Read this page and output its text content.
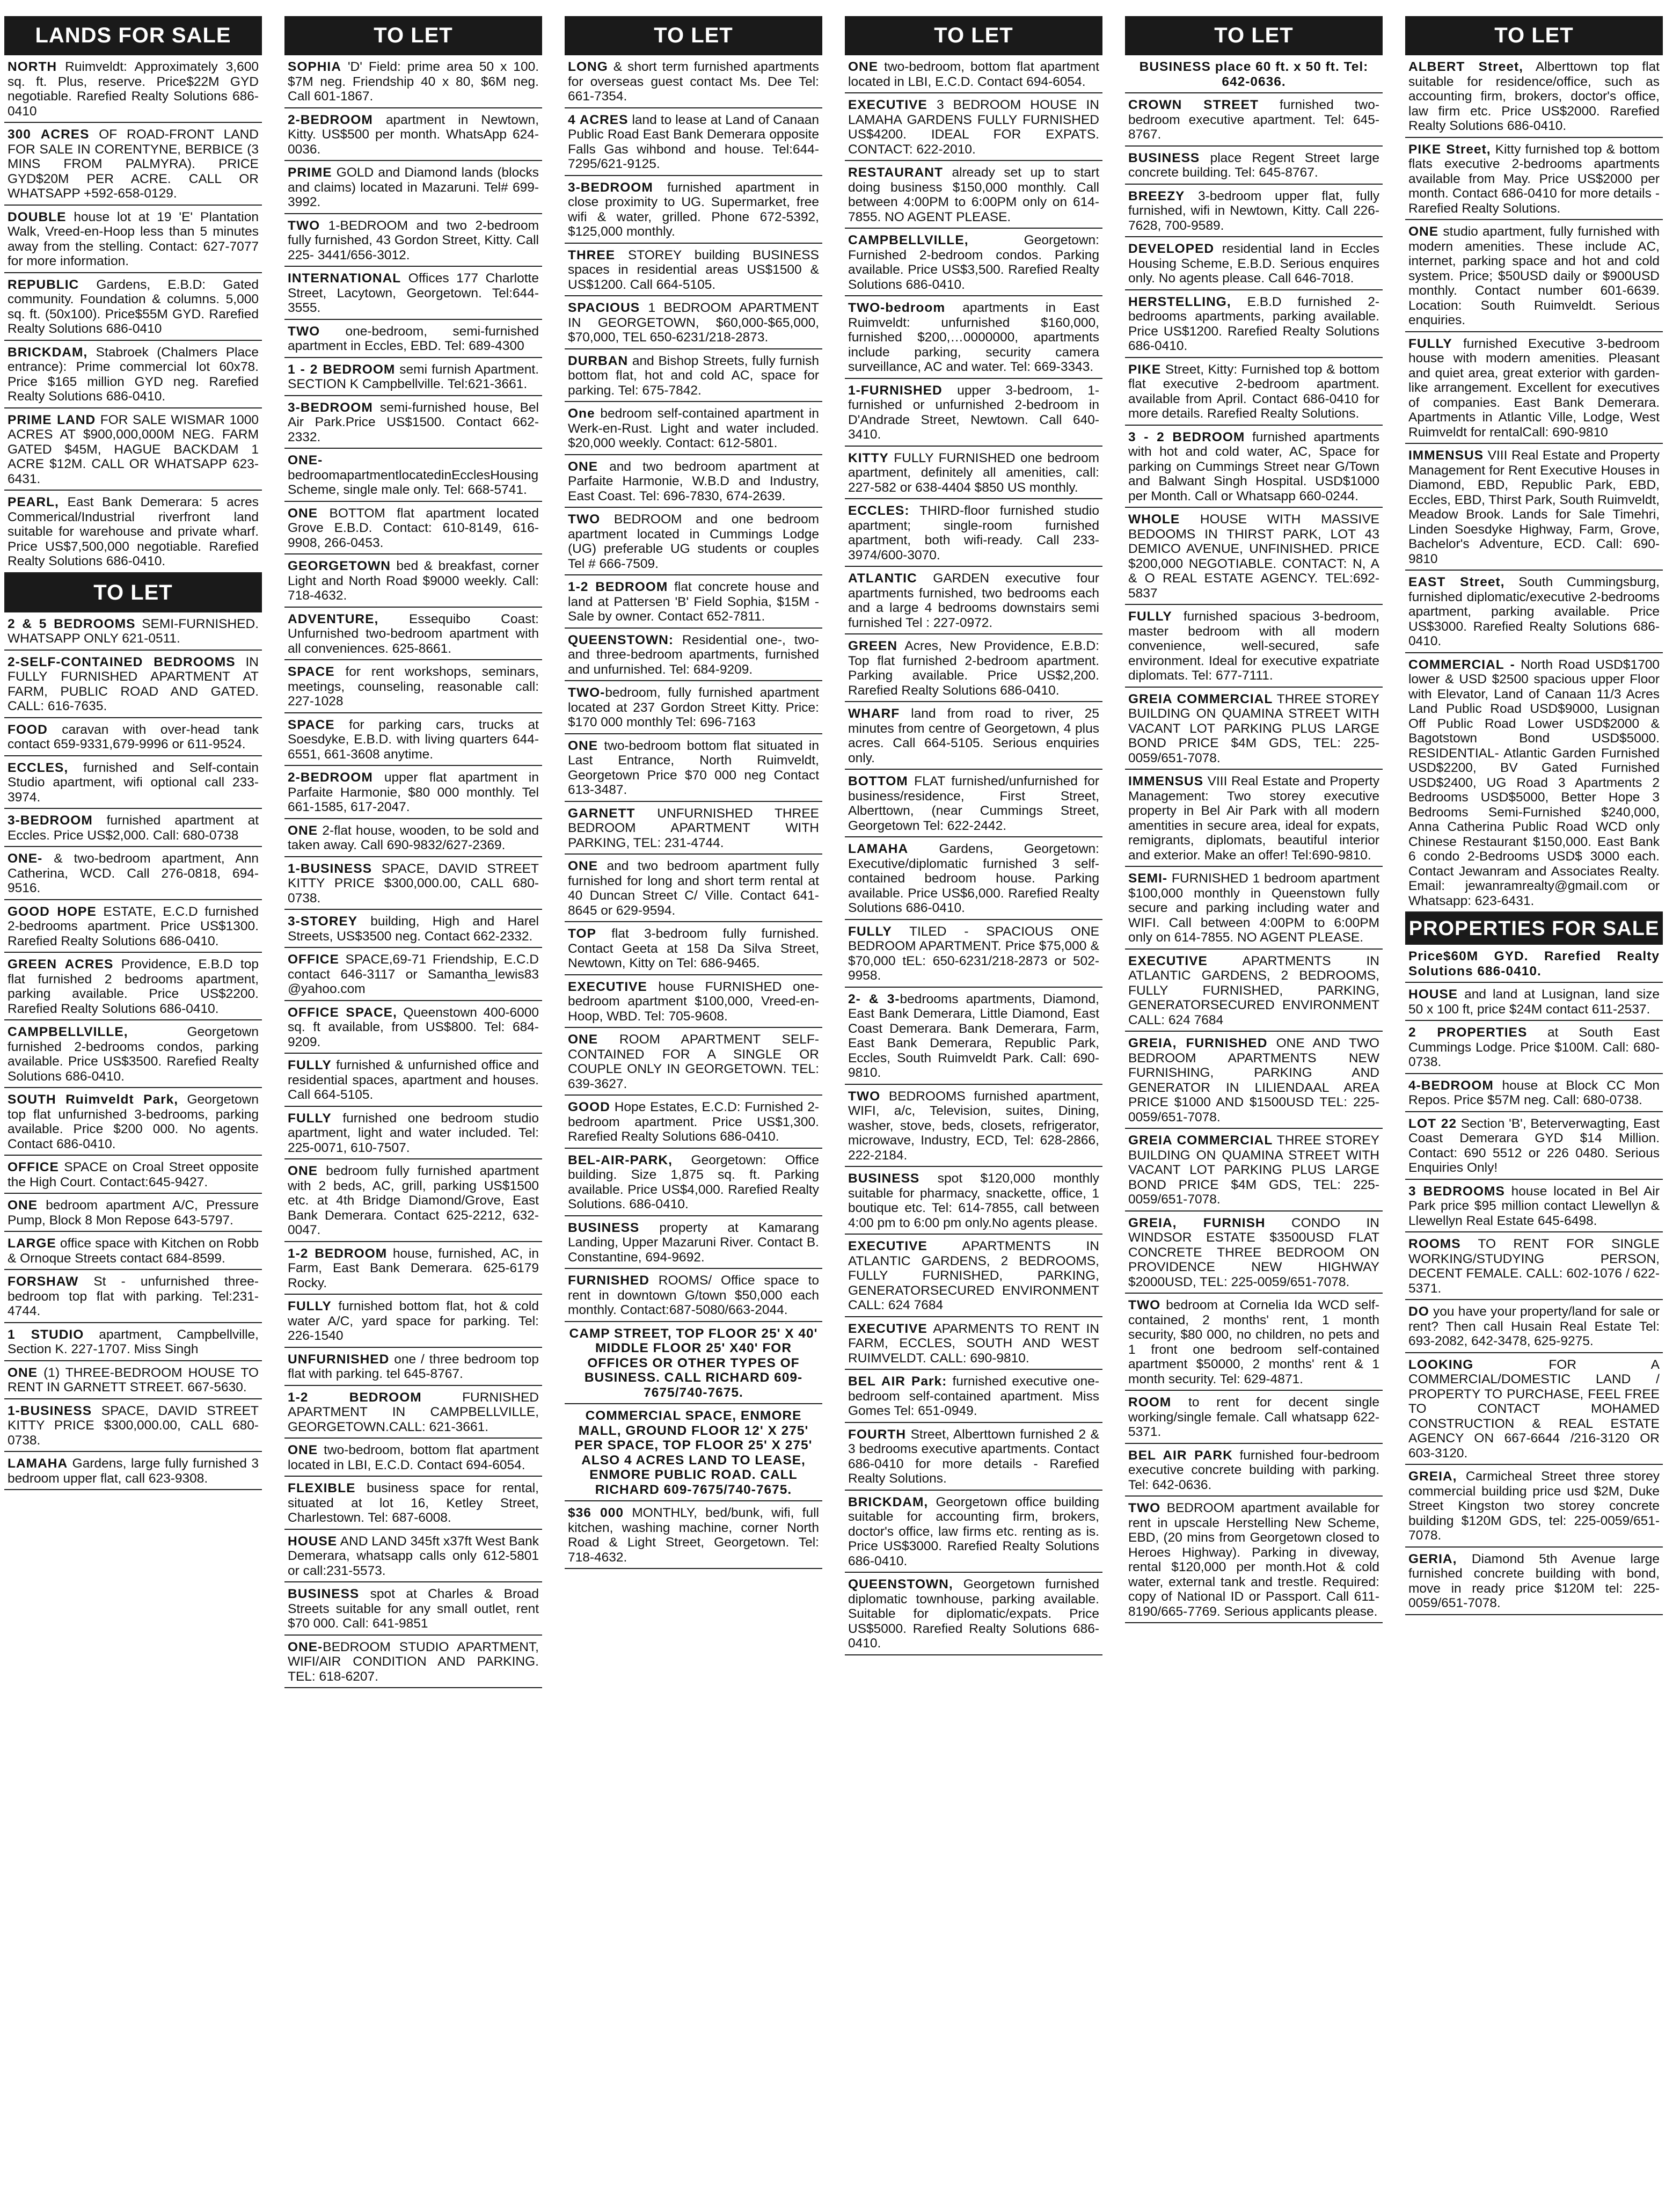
LANDS FOR SALE
NORTH Ruimveldt: Approximately 3,600 sq. ft. Plus, reserve. Price$22M GYD negotiable. Rarefied Realty Solutions 686-0410
300 ACRES OF ROAD-FRONT LAND FOR SALE IN CORENTYNE, BERBICE (3 MINS FROM PALMYRA). PRICE GYD$20M PER ACRE. CALL OR WHATSAPP +592-658-0129.
DOUBLE house lot at 19 'E' Plantation Walk, Vreed-en-Hoop less than 5 minutes away from the stelling. Contact: 627-7077 for more information.
REPUBLIC Gardens, E.B.D: Gated community. Foundation & columns. 5,000 sq. ft. (50x100). Price$55M GYD. Rarefied Realty Solutions 686-0410
BRICKDAM, Stabroek (Chalmers Place entrance): Prime commercial lot 60x78. Price $165 million GYD neg. Rarefied Realty Solutions 686-0410.
PRIME LAND FOR SALE WISMAR 1000 ACRES AT $900,000,000M NEG. FARM GATED $45M, HAGUE BACKDAM 1 ACRE $12M. CALL OR WHATSAPP 623-6431.
PEARL, East Bank Demerara: 5 acres Commerical/Industrial riverfront land suitable for warehouse and private wharf. Price US$7,500,000 negotiable. Rarefied Realty Solutions 686-0410.
TO LET
2 & 5 BEDROOMS SEMI-FURNISHED. WHATSAPP ONLY 621-0511.
2-SELF-CONTAINED BEDROOMS IN FULLY FURNISHED APARTMENT AT FARM, PUBLIC ROAD AND GATED. CALL: 616-7635.
FOOD caravan with over-head tank contact 659-9331,679-9996 or 611-9524.
ECCLES, furnished and Self-contain Studio apartment, wifi optional call 233-3974.
3-BEDROOM furnished apartment at Eccles. Price US$2,000. Call: 680-0738
ONE- & two-bedroom apartment, Ann Catherina, WCD. Call 276-0818, 694-9516.
GOOD HOPE ESTATE, E.C.D furnished 2-bedrooms apartment. Price US$1300. Rarefied Realty Solutions 686-0410.
GREEN ACRES Providence, E.B.D top flat furnished 2 bedrooms apartment, parking available. Price US$2200. Rarefied Realty Solutions 686-0410.
CAMPBELLVILLE, Georgetown furnished 2-bedrooms condos, parking available. Price US$3500. Rarefied Realty Solutions 686-0410.
SOUTH Ruimveldt Park, Georgetown top flat unfurnished 3-bedrooms, parking available. Price $200 000. No agents. Contact 686-0410.
OFFICE SPACE on Croal Street opposite the High Court. Contact:645-9427.
ONE bedroom apartment A/C, Pressure Pump, Block 8 Mon Repose 643-5797.
LARGE office space with Kitchen on Robb & Ornoque Streets contact 684-8599.
FORSHAW St - unfurnished three-bedroom top flat with parking. Tel:231-4744.
1 STUDIO apartment, Campbellville, Section K. 227-1707. Miss Singh
ONE (1) THREE-BEDROOM HOUSE TO RENT IN GARNETT STREET. 667-5630.
1-BUSINESS SPACE, DAVID STREET KITTY PRICE $300,000.00, CALL 680-0738.
LAMAHA Gardens, large fully furnished 3 bedroom upper flat, call 623-9308.
TO LET
SOPHIA 'D' Field: prime area 50 x 100. $7M neg. Friendship 40 x 80, $6M neg. Call 601-1867.
2-BEDROOM apartment in Newtown, Kitty. US$500 per month. WhatsApp 624-0036.
PRIME GOLD and Diamond lands (blocks and claims) located in Mazaruni. Tel# 699-3992.
TWO 1-BEDROOM and two 2-bedroom fully furnished, 43 Gordon Street, Kitty. Call 225- 3441/656-3012.
INTERNATIONAL Offices 177 Charlotte Street, Lacytown, Georgetown. Tel:644-3555.
TWO one-bedroom, semi-furnished apartment in Eccles, EBD. Tel: 689-4300
1 - 2 BEDROOM semi furnish Apartment. SECTION K Campbellville. Tel:621-3661.
3-BEDROOM semi-furnished house, Bel Air Park.Price US$1500. Contact 662-2332.
ONE-bedroomapartmentlocatedinEcclesHousingScheme, single male only. Tel: 668-5741.
ONE BOTTOM flat apartment located Grove E.B.D. Contact: 610-8149, 616-9908, 266-0453.
GEORGETOWN bed & breakfast, corner Light and North Road $9000 weekly. Call: 718-4632.
ADVENTURE, Essequibo Coast: Unfurnished two-bedroom apartment with all conveniences. 625-8661.
SPACE for rent workshops, seminars, meetings, counseling, reasonable call: 227-1028
SPACE for parking cars, trucks at Soesdyke, E.B.D. with living quarters 644-6551, 661-3608 anytime.
2-BEDROOM upper flat apartment in Parfaite Harmonie, $80 000 monthly. Tel 661-1585, 617-2047.
ONE 2-flat house, wooden, to be sold and taken away. Call 690-9832/627-2369.
1-BUSINESS SPACE, DAVID STREET KITTY PRICE $300,000.00, CALL 680-0738.
3-STOREY building, High and Harel Streets, US$3500 neg. Contact 662-2332.
OFFICE SPACE,69-71 Friendship, E.C.D contact 646-3117 or Samantha_lewis83 @yahoo.com
OFFICE SPACE, Queenstown 400-6000 sq. ft available, from US$800. Tel: 684-9209.
FULLY furnished & unfurnished office and residential spaces, apartment and houses. Call 664-5105.
FULLY furnished one bedroom studio apartment, light and water included. Tel: 225-0071, 610-7507.
ONE bedroom fully furnished apartment with 2 beds, AC, grill, parking US$1500 etc. at 4th Bridge Diamond/Grove, East Bank Demerara. Contact 625-2212, 632-0047.
1-2 BEDROOM house, furnished, AC, in Farm, East Bank Demerara. 625-6179 Rocky.
FULLY furnished bottom flat, hot & cold water A/C, yard space for parking. Tel: 226-1540
UNFURNISHED one / three bedroom top flat with parking. tel 645-8767.
1-2 BEDROOM FURNISHED APARTMENT IN CAMPBELLVILLE, GEORGETOWN.CALL: 621-3661.
ONE two-bedroom, bottom flat apartment located in LBI, E.C.D. Contact 694-6054.
FLEXIBLE business space for rental, situated at lot 16, Ketley Street, Charlestown. Tel: 687-6008.
HOUSE AND LAND 345ft x37ft West Bank Demerara, whatsapp calls only 612-5801 or call:231-5573.
BUSINESS spot at Charles & Broad Streets suitable for any small outlet, rent $70 000. Call: 641-9851
ONE-BEDROOM STUDIO APARTMENT, WIFI/AIR CONDITION AND PARKING. TEL: 618-6207.
TO LET
LONG & short term furnished apartments for overseas guest contact Ms. Dee Tel: 661-7354.
4 ACRES land to lease at Land of Canaan Public Road East Bank Demerara opposite Falls Gas wihbond and house. Tel:644-7295/621-9125.
3-BEDROOM furnished apartment in close proximity to UG. Supermarket, free wifi & water, grilled. Phone 672-5392, $125,000 monthly.
THREE STOREY building BUSINESS spaces in residential areas US$1500 & US$1200. Call 664-5105.
SPACIOUS 1 BEDROOM APARTMENT IN GEORGETOWN, $60,000-$65,000, $70,000, TEL 650-6231/218-2873.
DURBAN and Bishop Streets, fully furnish bottom flat, hot and cold AC, space for parking. Tel: 675-7842.
One bedroom self-contained apartment in Werk-en-Rust. Light and water included. $20,000 weekly. Contact: 612-5801.
ONE and two bedroom apartment at Parfaite Harmonie, W.B.D and Industry, East Coast. Tel: 696-7830, 674-2639.
TWO BEDROOM and one bedroom apartment located in Cummings Lodge (UG) preferable UG students or couples Tel # 666-7509.
1-2 BEDROOM flat concrete house and land at Pattersen 'B' Field Sophia, $15M - Sale by owner. Contact 652-7811.
QUEENSTOWN: Residential one-, two- and three-bedroom apartments, furnished and unfurnished. Tel: 684-9209.
TWO-bedroom, fully furnished apartment located at 237 Gordon Street Kitty. Price: $170 000 monthly Tel: 696-7163
ONE two-bedroom bottom flat situated in Last Entrance, North Ruimveldt, Georgetown Price $70 000 neg Contact 613-3487.
GARNETT UNFURNISHED THREE BEDROOM APARTMENT WITH PARKING, TEL: 231-4744.
ONE and two bedroom apartment fully furnished for long and short term rental at 40 Duncan Street C/ Ville. Contact 641-8645 or 629-9594.
TOP flat 3-bedroom fully furnished. Contact Geeta at 158 Da Silva Street, Newtown, Kitty on Tel: 686-9465.
EXECUTIVE house FURNISHED one-bedroom apartment $100,000, Vreed-en-Hoop, WBD. Tel: 705-9608.
ONE ROOM APARTMENT SELF-CONTAINED FOR A SINGLE OR COUPLE ONLY IN GEORGETOWN. TEL: 639-3627.
GOOD Hope Estates, E.C.D: Furnished 2-bedroom apartment. Price US$1,300. Rarefied Realty Solutions 686-0410.
BEL-AIR-PARK, Georgetown: Office building. Size 1,875 sq. ft. Parking available. Price US$4,000. Rarefied Realty Solutions. 686-0410.
BUSINESS property at Kamarang Landing, Upper Mazaruni River. Contact B. Constantine, 694-9692.
FURNISHED ROOMS/ Office space to rent in downtown G/town $50,000 each monthly. Contact:687-5080/663-2044.
CAMP STREET, TOP FLOOR 25' X 40' MIDDLE FLOOR 25' X40' FOR OFFICES OR OTHER TYPES OF BUSINESS. CALL RICHARD 609-7675/740-7675.
COMMERCIAL SPACE, ENMORE MALL, GROUND FLOOR 12' X 275' PER SPACE, TOP FLOOR 25' X 275' ALSO 4 ACRES LAND TO LEASE, ENMORE PUBLIC ROAD. CALL RICHARD 609-7675/740-7675.
$36 000 MONTHLY, bed/bunk, wifi, full kitchen, washing machine, corner North Road & Light Street, Georgetown. Tel: 718-4632.
TO LET
ONE two-bedroom, bottom flat apartment located in LBI, E.C.D. Contact 694-6054.
EXECUTIVE 3 BEDROOM HOUSE IN LAMAHA GARDENS FULLY FURNISHED US$4200. IDEAL FOR EXPATS. CONTACT: 622-2010.
RESTAURANT already set up to start doing business $150,000 monthly. Call between 4:00PM to 6:00PM only on 614-7855. NO AGENT PLEASE.
CAMPBELLVILLE, Georgetown: Furnished 2-bedroom condos. Parking available. Price US$3,500. Rarefied Realty Solutions 686-0410.
TWO-bedroom apartments in East Ruimveldt: unfurnished $160,000, furnished $200,…0000000, apartments include parking, security camera surveillance, AC and water. Tel: 669-3343.
1-FURNISHED upper 3-bedroom, 1-furnished or unfurnished 2-bedroom in D'Andrade Street, Newtown. Call 640-3410.
KITTY FULLY FURNISHED one bedroom apartment, definitely all amenities, call: 227-582 or 638-4404 $850 US monthly.
ECCLES: THIRD-floor furnished studio apartment; single-room furnished apartment, both wifi-ready. Call 233-3974/600-3070.
ATLANTIC GARDEN executive four apartments furnished, two bedrooms each and a large 4 bedrooms downstairs semi furnished Tel : 227-0972.
GREEN Acres, New Providence, E.B.D: Top flat furnished 2-bedroom apartment. Parking available. Price US$2,200. Rarefied Realty Solutions 686-0410.
WHARF land from road to river, 25 minutes from centre of Georgetown, 4 plus acres. Call 664-5105. Serious enquiries only.
BOTTOM FLAT furnished/unfurnished for business/residence, First Street, Alberttown, (near Cummings Street, Georgetown Tel: 622-2442.
LAMAHA Gardens, Georgetown: Executive/diplomatic furnished 3 self-contained bedroom house. Parking available. Price US$6,000. Rarefied Realty Solutions 686-0410.
FULLY TILED - SPACIOUS ONE BEDROOM APARTMENT. Price $75,000 & $70,000 tEL: 650-6231/218-2873 or 502-9958.
2- & 3-bedrooms apartments, Diamond, East Bank Demerara, Little Diamond, East Coast Demerara. Bank Demerara, Farm, East Bank Demerara, Republic Park, Eccles, South Ruimveldt Park. Call: 690-9810.
TWO BEDROOMS furnished apartment, WIFI, a/c, Television, suites, Dining, washer, stove, beds, closets, refrigerator, microwave, Industry, ECD, Tel: 628-2866, 222-2184.
BUSINESS spot $120,000 monthly suitable for pharmacy, snackette, office, 1 boutique etc. Tel: 614-7855, call between 4:00 pm to 6:00 pm only.No agents please.
EXECUTIVE APARTMENTS IN ATLANTIC GARDENS, 2 BEDROOMS, FULLY FURNISHED, PARKING, GENERATORSECURED ENVIRONMENT CALL: 624 7684
EXECUTIVE APARMENTS TO RENT IN FARM, ECCLES, SOUTH AND WEST RUIMVELDT. CALL: 690-9810.
BEL AIR Park: furnished executive one-bedroom self-contained apartment. Miss Gomes Tel: 651-0949.
FOURTH Street, Alberttown furnished 2 & 3 bedrooms executive apartments. Contact 686-0410 for more details - Rarefied Realty Solutions.
BRICKDAM, Georgetown office building suitable for accounting firm, brokers, doctor's office, law firms etc. renting as is. Price US$3000. Rarefied Realty Solutions 686-0410.
QUEENSTOWN, Georgetown furnished diplomatic townhouse, parking available. Suitable for diplomatic/expats. Price US$5000. Rarefied Realty Solutions 686-0410.
TO LET
BUSINESS place 60 ft. x 50 ft. Tel: 642-0636.
CROWN STREET furnished two-bedroom executive apartment. Tel: 645-8767.
BUSINESS place Regent Street large concrete building. Tel: 645-8767.
BREEZY 3-bedroom upper flat, fully furnished, wifi in Newtown, Kitty. Call 226-7628, 700-9589.
DEVELOPED residential land in Eccles Housing Scheme, E.B.D. Serious enquires only. No agents please. Call 646-7018.
HERSTELLING, E.B.D furnished 2-bedrooms apartments, parking available. Price US$1200. Rarefied Realty Solutions 686-0410.
PIKE Street, Kitty: Furnished top & bottom flat executive 2-bedroom apartment. available from April. Contact 686-0410 for more details. Rarefied Realty Solutions.
3 - 2 BEDROOM furnished apartments with hot and cold water, AC, Space for parking on Cummings Street near G/Town and Balwant Singh Hospital. USD$1000 per Month. Call or Whatsapp 660-0244.
WHOLE HOUSE WITH MASSIVE BEDOOMS IN THIRST PARK, LOT 43 DEMICO AVENUE, UNFINISHED. PRICE $200,000 NEGOTIABLE. CONTACT: N, A & O REAL ESTATE AGENCY. TEL:692-5837
FULLY furnished spacious 3-bedroom, master bedroom with all modern convenience, well-secured, safe environment. Ideal for executive expatriate diplomats. Tel: 677-7111.
GREIA COMMERCIAL THREE STOREY BUILDING ON QUAMINA STREET WITH VACANT LOT PARKING PLUS LARGE BOND PRICE $4M GDS, TEL: 225-0059/651-7078.
IMMENSUS VIII Real Estate and Property Management: Two storey executive property in Bel Air Park with all modern amentities in secure area, ideal for expats, remigrants, diplomats, beautiful interior and exterior. Make an offer! Tel:690-9810.
SEMI- FURNISHED 1 bedroom apartment $100,000 monthly in Queenstown fully secure and parking including water and WIFI. Call between 4:00PM to 6:00PM only on 614-7855. NO AGENT PLEASE.
EXECUTIVE APARTMENTS IN ATLANTIC GARDENS, 2 BEDROOMS, FULLY FURNISHED, PARKING, GENERATORSECURED ENVIRONMENT CALL: 624 7684
GREIA, FURNISHED ONE AND TWO BEDROOM APARTMENTS NEW FURNISHING, PARKING AND GENERATOR IN LILIENDAAL AREA PRICE $1000 AND $1500USD TEL: 225-0059/651-7078.
GREIA COMMERCIAL THREE STOREY BUILDING ON QUAMINA STREET WITH VACANT LOT PARKING PLUS LARGE BOND PRICE $4M GDS, TEL: 225-0059/651-7078.
GREIA, FURNISH CONDO IN WINDSOR ESTATE $3500USD FLAT CONCRETE THREE BEDROOM ON PROVIDENCE NEW HIGHWAY $2000USD, TEL: 225-0059/651-7078.
TWO bedroom at Cornelia Ida WCD self-contained, 2 months' rent, 1 month security, $80 000, no children, no pets and 1 front one bedroom self-contained apartment $50000, 2 months' rent & 1 month security. Tel: 629-4871.
ROOM to rent for decent single working/single female. Call whatsapp 622-5371.
BEL AIR PARK furnished four-bedroom executive concrete building with parking. Tel: 642-0636.
TWO BEDROOM apartment available for rent in upscale Herstelling New Scheme, EBD, (20 mins from Georgetown closed to Heroes Highway). Parking in diveway, rental $120,000 per month.Hot & cold water, external tank and trestle. Required: copy of National ID or Passport. Call 611-8190/665-7769. Serious applicants please.
TO LET
ALBERT Street, Alberttown top flat suitable for residence/office, such as accounting firm, brokers, doctor's office, law firm etc. Price US$2000. Rarefied Realty Solutions 686-0410.
PIKE Street, Kitty furnished top & bottom flats executive 2-bedrooms apartments available from May. Price US$2000 per month. Contact 686-0410 for more details - Rarefied Realty Solutions.
ONE studio apartment, fully furnished with modern amenities. These include AC, internet, parking space and hot and cold system. Price; $50USD daily or $900USD monthly. Contact number 601-6639. Location: South Ruimveldt. Serious enquiries.
FULLY furnished Executive 3-bedroom house with modern amenities. Pleasant and quiet area, great exterior with garden- like arrangement. Excellent for executives of companies. East Bank Demerara. Apartments in Atlantic Ville, Lodge, West Ruimveldt for rentalCall: 690-9810
IMMENSUS VIII Real Estate and Property Management for Rent Executive Houses in Diamond, EBD, Republic Park, EBD, Eccles, EBD, Thirst Park, South Ruimveldt, Meadow Brook. Lands for Sale Timehri, Linden Soesdyke Highway, Farm, Grove, Bachelor's Adventure, ECD. Call: 690-9810
EAST Street, South Cummingsburg, furnished diplomatic/executive 2-bedrooms apartment, parking available. Price US$3000. Rarefied Realty Solutions 686-0410.
COMMERCIAL - North Road USD$1700 lower & USD $2500 spacious upper Floor with Elevator, Land of Canaan 11/3 Acres Land Public Road USD$9000, Lusignan Off Public Road Lower USD$2000 & Bagotstown Bond USD$5000. RESIDENTIAL- Atlantic Garden Furnished USD$2200, BV Gated Furnished USD$2400, UG Road 3 Apartments 2 Bedrooms USD$5000, Better Hope 3 Bedrooms Semi-Furnished $240,000, Anna Catherina Public Road WCD only Chinese Restaurant $150,000. East Bank 6 condo 2-Bedrooms USD$ 3000 each. Contact Jewanram and Associates Realty. Email: jewanramrealty@gmail.com or Whatsapp: 623-6431.
PROPERTIES FOR SALE
Price$60M GYD. Rarefied Realty Solutions 686-0410.
HOUSE and land at Lusignan, land size 50 x 100 ft, price $24M contact 611-2537.
2 PROPERTIES at South East Cummings Lodge. Price $100M. Call: 680-0738.
4-BEDROOM house at Block CC Mon Repos. Price $57M neg. Call: 680-0738.
LOT 22 Section 'B', Beterverwagting, East Coast Demerara GYD $14 Million. Contact: 690 5512 or 226 0480. Serious Enquiries Only!
3 BEDROOMS house located in Bel Air Park price $95 million contact Llewellyn & Llewellyn Real Estate 645-6498.
ROOMS TO RENT FOR SINGLE WORKING/STUDYING PERSON, DECENT FEMALE. CALL: 602-1076 / 622-5371.
DO you have your property/land for sale or rent? Then call Husain Real Estate Tel: 693-2082, 642-3478, 625-9275.
LOOKING FOR A COMMERCIAL/DOMESTIC LAND / PROPERTY TO PURCHASE, FEEL FREE TO CONTACT MOHAMED CONSTRUCTION & REAL ESTATE AGENCY ON 667-6644 /216-3120 OR 603-3120.
GREIA, Carmicheal Street three storey commercial building price usd $2M, Duke Street Kingston two storey concrete building $120M GDS, tel: 225-0059/651-7078.
GERIA, Diamond 5th Avenue large furnished concrete building with bond, move in ready price $120M tel: 225-0059/651-7078.
